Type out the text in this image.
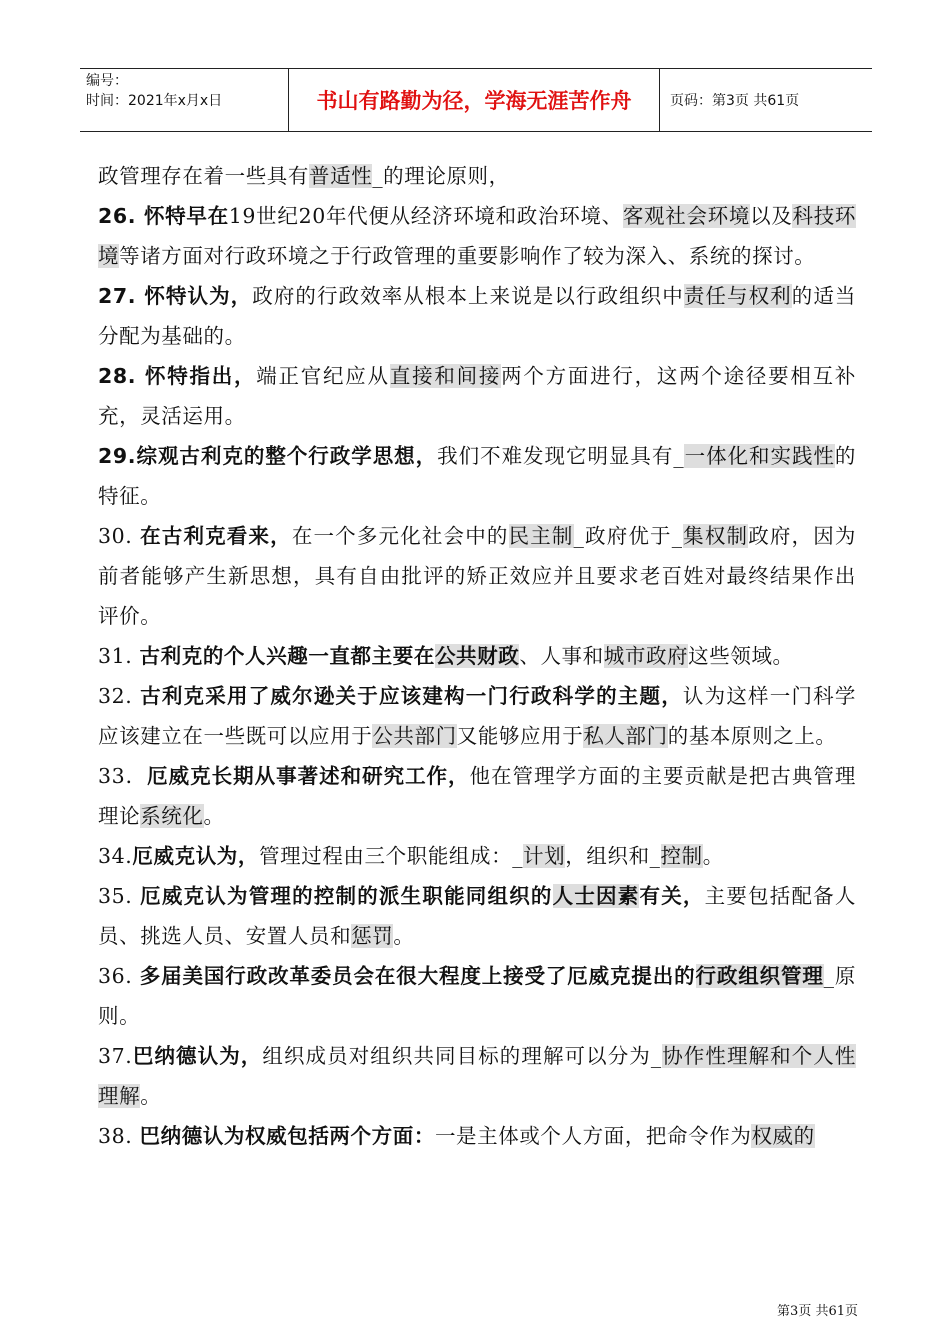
编号：
时间：2021年x月x日	书山有路勤为径，学海无涯苦作舟	页码：第3页 共61页

政管理存在着一些具有普适性_的理论原则，

26. 怀特早在19世纪20年代便从经济环境和政治环境、客观社会环境以及科技环境等诸方面对行政环境之于行政管理的重要影响作了较为深入、系统的探讨。

27. 怀特认为，政府的行政效率从根本上来说是以行政组织中责任与权利的适当分配为基础的。

28. 怀特指出，端正官纪应从直接和间接两个方面进行，这两个途径要相互补充，灵活运用。

29.综观古利克的整个行政学思想，我们不难发现它明显具有_一体化和实践性的特征。

30. 在古利克看来，在一个多元化社会中的民主制_政府优于_集权制政府，因为前者能够产生新思想，具有自由批评的矫正效应并且要求老百姓对最终结果作出评价。

31. 古利克的个人兴趣一直都主要在公共财政、人事和城市政府这些领域。

32. 古利克采用了威尔逊关于应该建构一门行政科学的主题，认为这样一门科学应该建立在一些既可以应用于公共部门又能够应用于私人部门的基本原则之上。

33．厄威克长期从事著述和研究工作，他在管理学方面的主要贡献是把古典管理理论系统化。

34.厄威克认为，管理过程由三个职能组成：_计划，组织和_控制。

35. 厄威克认为管理的控制的派生职能同组织的人士因素有关，主要包括配备人员、挑选人员、安置人员和惩罚。

36. 多届美国行政改革委员会在很大程度上接受了厄威克提出的行政组织管理_原则。

37.巴纳德认为，组织成员对组织共同目标的理解可以分为_协作性理解和个人性理解。

38. 巴纳德认为权威包括两个方面：一是主体或个人方面，把命令作为权威的

第3页 共61页
